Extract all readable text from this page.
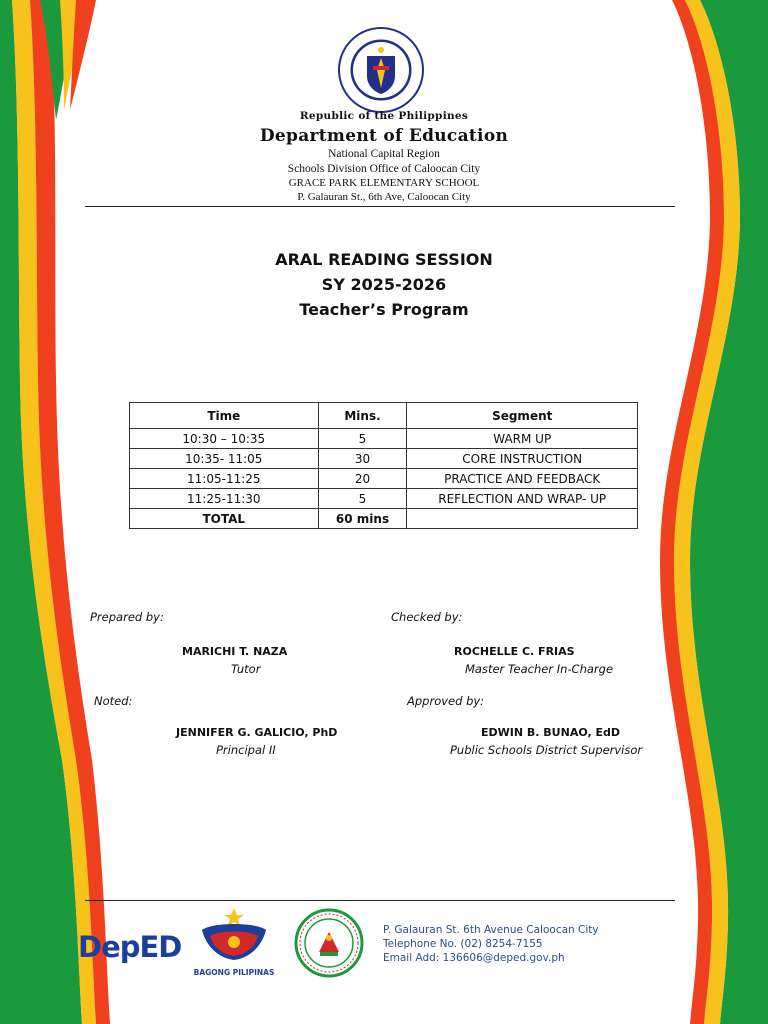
Republic of the Philippines
Department of Education
National Capital Region
Schools Division Office of Caloocan City
GRACE PARK ELEMENTARY SCHOOL
P. Galauran St., 6th Ave, Caloocan City
ARAL READING SESSION
SY 2025-2026
Teacher’s Program
Time	Mins.	Segment
10:30 – 10:35	5	WARM UP
10:35- 11:05	30	CORE INSTRUCTION
11:05-11:25	20	PRACTICE AND FEEDBACK
11:25-11:30	5	REFLECTION AND WRAP- UP
TOTAL	60 mins	
Prepared by:	Checked by:
MARICHI T. NAZA
Tutor
ROCHELLE C. FRIAS
Master Teacher In-Charge
Noted:	Approved by:
JENNIFER G. GALICIO, PhD
Principal II
EDWIN B. BUNAO, EdD
Public Schools District Supervisor
DepED
BAGONG PILIPINAS
P. Galauran St. 6th Avenue Caloocan City
Telephone No. (02) 8254-7155
Email Add: 136606@deped.gov.ph
